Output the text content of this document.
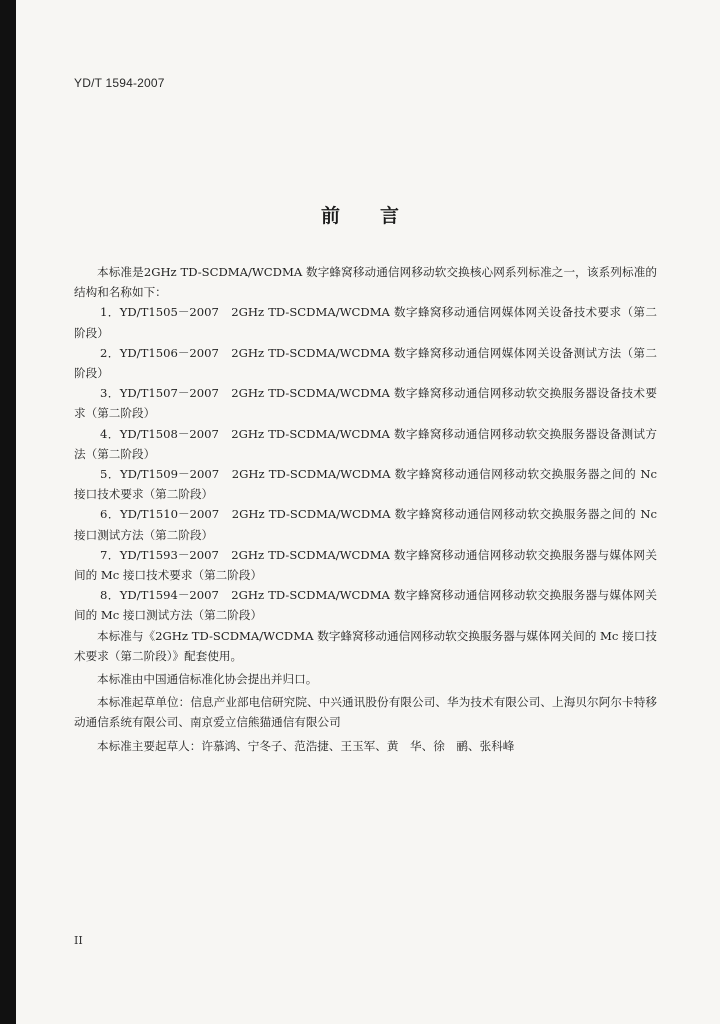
YD/T 1594-2007
前言

本标准是2GHz TD-SCDMA/WCDMA 数字蜂窝移动通信网移动软交换核心网系列标准之一，该系列标准的结构和名称如下：

1．YD/T1505－2007　2GHz TD-SCDMA/WCDMA 数字蜂窝移动通信网媒体网关设备技术要求（第二阶段）

2．YD/T1506－2007　2GHz TD-SCDMA/WCDMA 数字蜂窝移动通信网媒体网关设备测试方法（第二阶段）

3．YD/T1507－2007　2GHz TD-SCDMA/WCDMA 数字蜂窝移动通信网移动软交换服务器设备技术要求（第二阶段）

4．YD/T1508－2007　2GHz TD-SCDMA/WCDMA 数字蜂窝移动通信网移动软交换服务器设备测试方法（第二阶段）

5．YD/T1509－2007　2GHz TD-SCDMA/WCDMA 数字蜂窝移动通信网移动软交换服务器之间的 Nc 接口技术要求（第二阶段）

6．YD/T1510－2007　2GHz TD-SCDMA/WCDMA 数字蜂窝移动通信网移动软交换服务器之间的 Nc 接口测试方法（第二阶段）

7．YD/T1593－2007　2GHz TD-SCDMA/WCDMA 数字蜂窝移动通信网移动软交换服务器与媒体网关间的 Mc 接口技术要求（第二阶段）

8．YD/T1594－2007　2GHz TD-SCDMA/WCDMA 数字蜂窝移动通信网移动软交换服务器与媒体网关间的 Mc 接口测试方法（第二阶段）

本标准与《2GHz TD-SCDMA/WCDMA 数字蜂窝移动通信网移动软交换服务器与媒体网关间的 Mc 接口技术要求（第二阶段）》配套使用。

本标准由中国通信标准化协会提出并归口。

本标准起草单位：信息产业部电信研究院、中兴通讯股份有限公司、华为技术有限公司、上海贝尔阿尔卡特移动通信系统有限公司、南京爱立信熊猫通信有限公司

本标准主要起草人：许慕鸿、宁冬子、范浩捷、王玉军、黄　华、徐　鹂、张科峰

II
